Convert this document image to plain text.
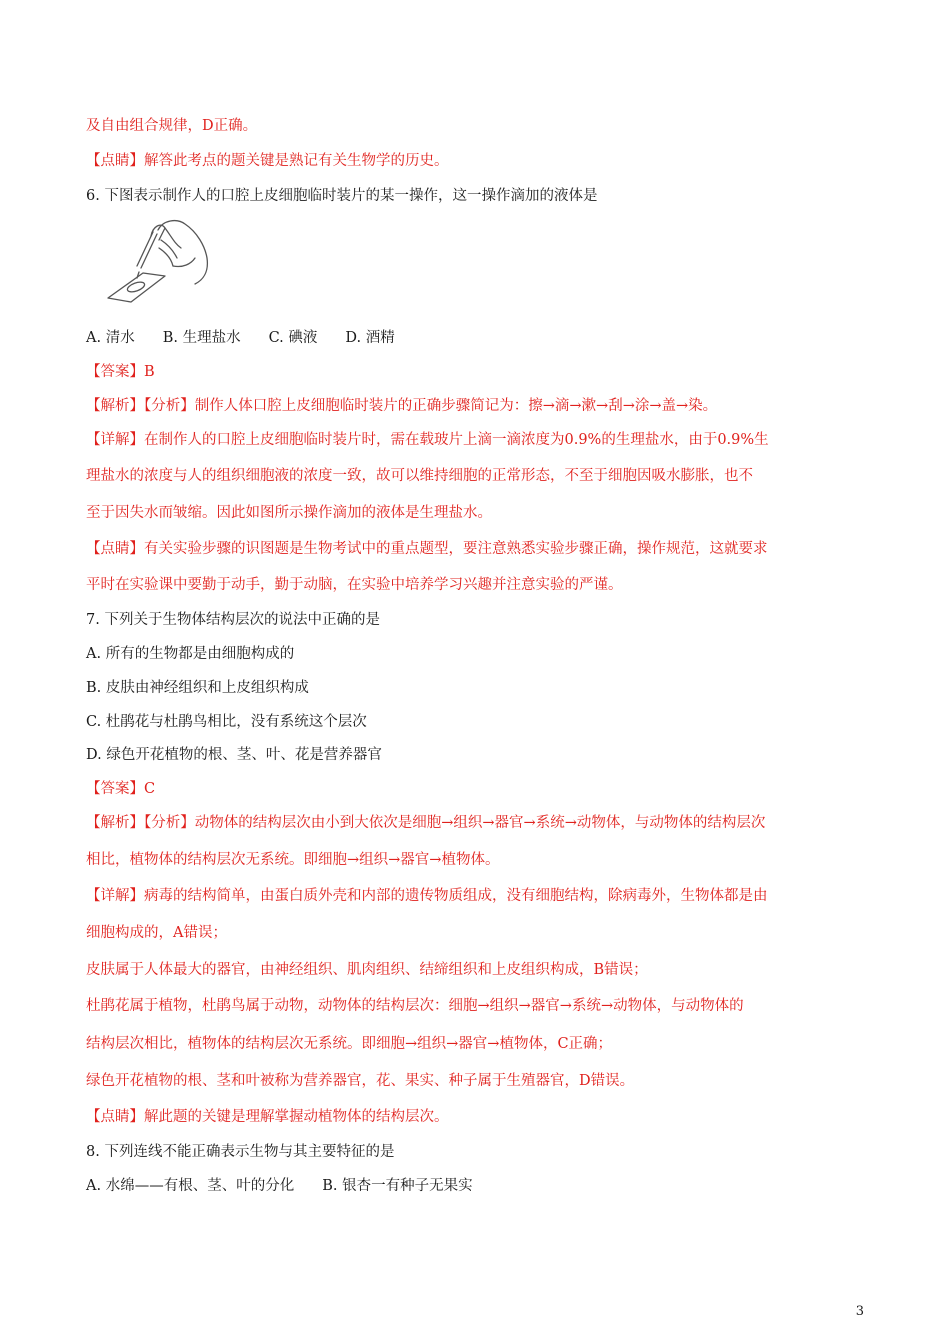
及自由组合规律，D正确。
【点睛】解答此考点的题关键是熟记有关生物学的历史。
6. 下图表示制作人的口腔上皮细胞临时装片的某一操作，这一操作滴加的液体是
A. 清水 B. 生理盐水 C. 碘液 D. 酒精
【答案】B
【解析】【分析】制作人体口腔上皮细胞临时装片的正确步骤简记为：擦→滴→漱→刮→涂→盖→染。
【详解】在制作人的口腔上皮细胞临时装片时，需在载玻片上滴一滴浓度为0.9%的生理盐水，由于0.9%生
理盐水的浓度与人的组织细胞液的浓度一致，故可以维持细胞的正常形态，不至于细胞因吸水膨胀，也不
至于因失水而皱缩。因此如图所示操作滴加的液体是生理盐水。
【点睛】有关实验步骤的识图题是生物考试中的重点题型，要注意熟悉实验步骤正确，操作规范，这就要求
平时在实验课中要勤于动手，勤于动脑，在实验中培养学习兴趣并注意实验的严谨。
7. 下列关于生物体结构层次的说法中正确的是
A. 所有的生物都是由细胞构成的
B. 皮肤由神经组织和上皮组织构成
C. 杜鹃花与杜鹃鸟相比，没有系统这个层次
D. 绿色开花植物的根、茎、叶、花是营养器官
【答案】C
【解析】【分析】动物体的结构层次由小到大依次是细胞→组织→器官→系统→动物体，与动物体的结构层次
相比，植物体的结构层次无系统。即细胞→组织→器官→植物体。
【详解】病毒的结构简单，由蛋白质外壳和内部的遗传物质组成，没有细胞结构，除病毒外，生物体都是由
细胞构成的，A错误；
皮肤属于人体最大的器官，由神经组织、肌肉组织、结缔组织和上皮组织构成，B错误；
杜鹃花属于植物，杜鹃鸟属于动物，动物体的结构层次：细胞→组织→器官→系统→动物体，与动物体的
结构层次相比，植物体的结构层次无系统。即细胞→组织→器官→植物体，C正确；
绿色开花植物的根、茎和叶被称为营养器官，花、果实、种子属于生殖器官，D错误。
【点睛】解此题的关键是理解掌握动植物体的结构层次。
8. 下列连线不能正确表示生物与其主要特征的是
A. 水绵——有根、茎、叶的分化 B. 银杏一有种子无果实
3
